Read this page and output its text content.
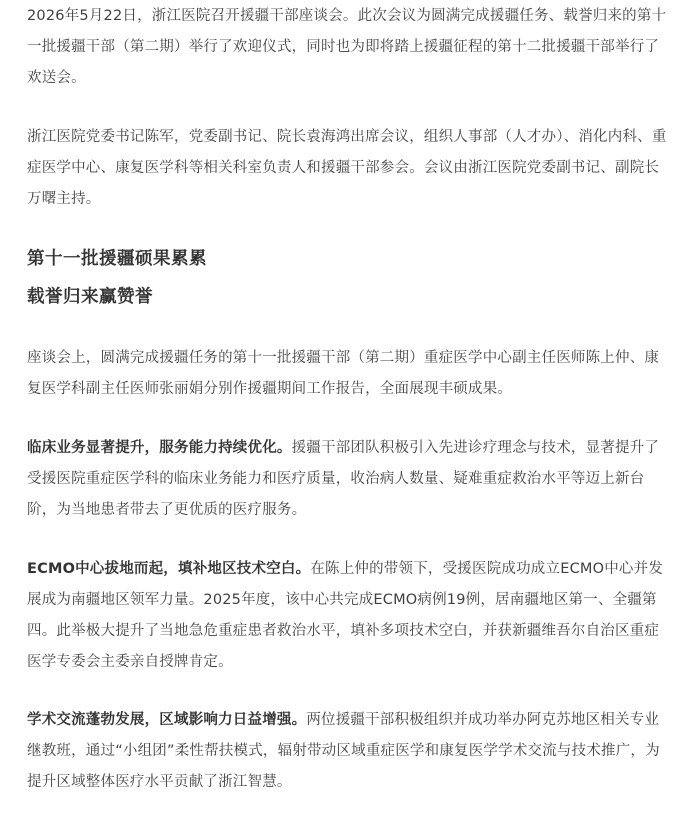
2026年5月22日，浙江医院召开援疆干部座谈会。此次会议为圆满完成援疆任务、载誉归来的第十一批援疆干部（第二期）举行了欢迎仪式，同时也为即将踏上援疆征程的第十二批援疆干部举行了欢送会。

浙江医院党委书记陈军，党委副书记、院长袁海鸿出席会议，组织人事部（人才办）、消化内科、重症医学中心、康复医学科等相关科室负责人和援疆干部参会。会议由浙江医院党委副书记、副院长万曙主持。

第十一批援疆硕果累累
载誉归来赢赞誉

座谈会上，圆满完成援疆任务的第十一批援疆干部（第二期）重症医学中心副主任医师陈上仲、康复医学科副主任医师张丽娟分别作援疆期间工作报告，全面展现丰硕成果。

临床业务显著提升，服务能力持续优化。援疆干部团队积极引入先进诊疗理念与技术，显著提升了受援医院重症医学科的临床业务能力和医疗质量，收治病人数量、疑难重症救治水平等迈上新台阶，为当地患者带去了更优质的医疗服务。

ECMO中心拔地而起，填补地区技术空白。在陈上仲的带领下，受援医院成功成立ECMO中心并发展成为南疆地区领军力量。2025年度，该中心共完成ECMO病例19例，居南疆地区第一、全疆第四。此举极大提升了当地急危重症患者救治水平，填补多项技术空白，并获新疆维吾尔自治区重症医学专委会主委亲自授牌肯定。

学术交流蓬勃发展，区域影响力日益增强。两位援疆干部积极组织并成功举办阿克苏地区相关专业继教班，通过“小组团”柔性帮扶模式，辐射带动区域重症医学和康复医学学术交流与技术推广，为提升区域整体医疗水平贡献了浙江智慧。
